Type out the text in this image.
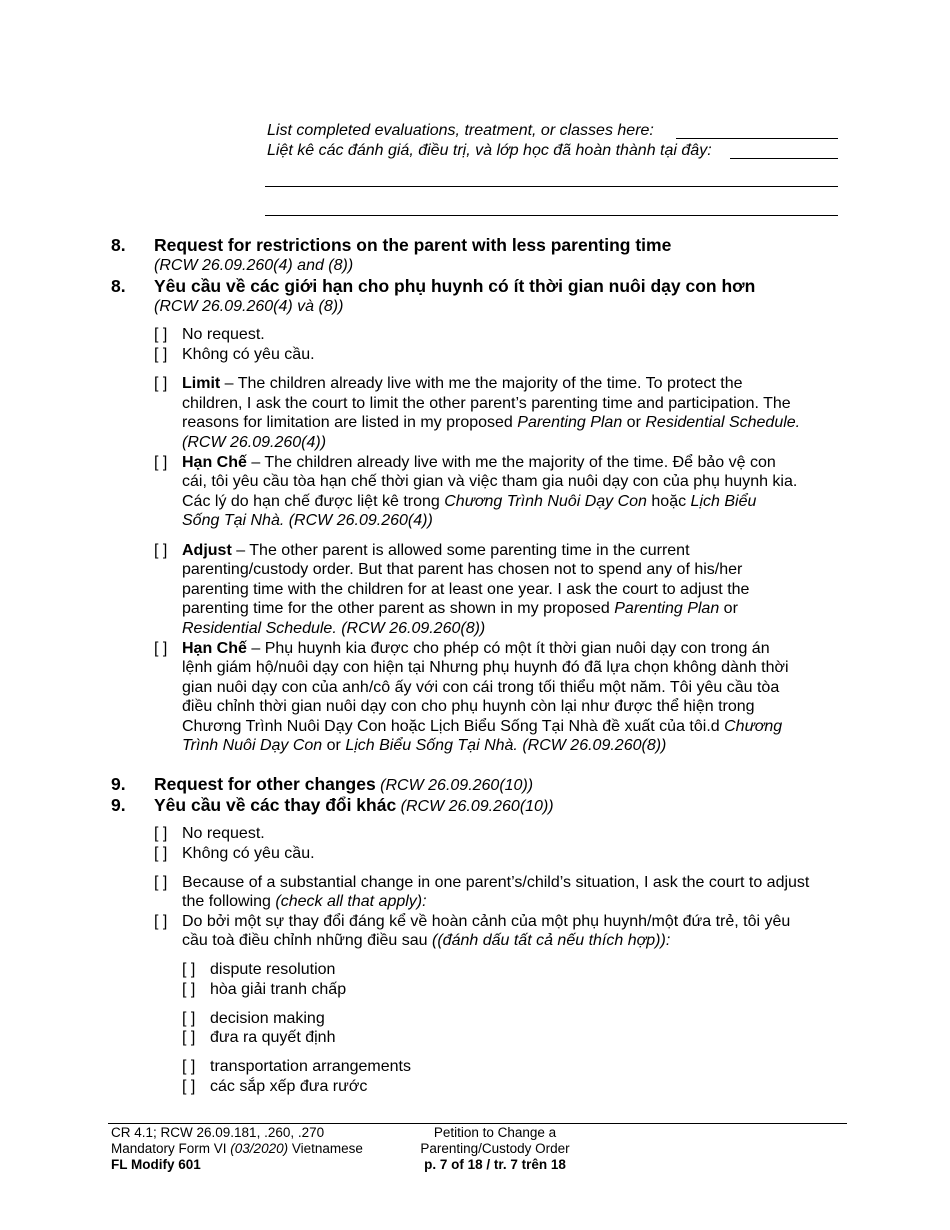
List completed evaluations, treatment, or classes here:
Liệt kê các đánh giá, điều trị, và lớp học đã hoàn thành tại đây:
8. Request for restrictions on the parent with less parenting time
(RCW 26.09.260(4) and (8))
8. Yêu cầu về các giới hạn cho phụ huynh có ít thời gian nuôi dạy con hơn
(RCW 26.09.260(4) và (8))
[ ] No request.
[ ] Không có yêu cầu.
[ ] Limit – The children already live with me the majority of the time. To protect the
children, I ask the court to limit the other parent’s parenting time and participation. The
reasons for limitation are listed in my proposed Parenting Plan or Residential Schedule.
(RCW 26.09.260(4))
[ ] Hạn Chế – The children already live with me the majority of the time. Để bảo vệ con
cái, tôi yêu cầu tòa hạn chế thời gian và việc tham gia nuôi dạy con của phụ huynh kia.
Các lý do hạn chế được liệt kê trong Chương Trình Nuôi Dạy Con hoặc Lịch Biểu
Sống Tại Nhà. (RCW 26.09.260(4))
[ ] Adjust – The other parent is allowed some parenting time in the current
parenting/custody order. But that parent has chosen not to spend any of his/her
parenting time with the children for at least one year. I ask the court to adjust the
parenting time for the other parent as shown in my proposed Parenting Plan or
Residential Schedule. (RCW 26.09.260(8))
[ ] Hạn Chế – Phụ huynh kia được cho phép có một ít thời gian nuôi dạy con trong án
lệnh giám hộ/nuôi dạy con hiện tại Nhưng phụ huynh đó đã lựa chọn không dành thời
gian nuôi dạy con của anh/cô ấy với con cái trong tối thiểu một năm. Tôi yêu cầu tòa
điều chỉnh thời gian nuôi dạy con cho phụ huynh còn lại như được thể hiện trong
Chương Trình Nuôi Dạy Con hoặc Lịch Biểu Sống Tại Nhà đề xuất của tôi.d Chương
Trình Nuôi Dạy Con or Lịch Biểu Sống Tại Nhà. (RCW 26.09.260(8))
9. Request for other changes (RCW 26.09.260(10))
9. Yêu cầu về các thay đổi khác (RCW 26.09.260(10))
[ ] No request.
[ ] Không có yêu cầu.
[ ] Because of a substantial change in one parent’s/child’s situation, I ask the court to adjust
the following (check all that apply):
[ ] Do bởi một sự thay đổi đáng kể về hoàn cảnh của một phụ huynh/một đứa trẻ, tôi yêu
cầu toà điều chỉnh những điều sau ((đánh dấu tất cả nếu thích hợp)):
[ ] dispute resolution
[ ] hòa giải tranh chấp
[ ] decision making
[ ] đưa ra quyết định
[ ] transportation arrangements
[ ] các sắp xếp đưa rước
CR 4.1; RCW 26.09.181, .260, .270
Mandatory Form VI (03/2020) Vietnamese
FL Modify 601
Petition to Change a
Parenting/Custody Order
p. 7 of 18 / tr. 7 trên 18
